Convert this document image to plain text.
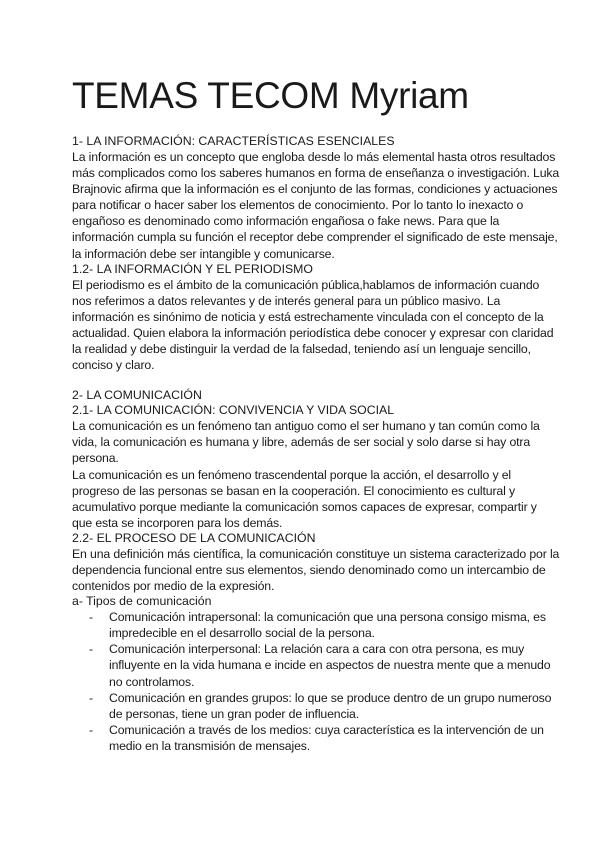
TEMAS TECOM Myriam
1- LA INFORMACIÓN: CARACTERÍSTICAS ESENCIALES

La información es un concepto que engloba desde lo más elemental hasta otros resultados más complicados como los saberes humanos en forma de enseñanza o investigación. Luka Brajnovic afirma que la información es el conjunto de las formas, condiciones y actuaciones para notificar o hacer saber los elementos de conocimiento. Por lo tanto lo inexacto o engañoso es denominado como información engañosa o fake news. Para que la información cumpla su función el receptor debe comprender el significado de este mensaje, la información debe ser intangible y comunicarse.

1.2- LA INFORMACIÓN Y EL PERIODISMO

El periodismo es el ámbito de la comunicación pública,hablamos de información cuando nos referimos a datos relevantes y de interés general para un público masivo. La información es sinónimo de noticia y está estrechamente vinculada con el concepto de la actualidad. Quien elabora la información periodística debe conocer y expresar con claridad la realidad y debe distinguir la verdad de la falsedad, teniendo así un lenguaje sencillo, conciso y claro.

2- LA COMUNICACIÓN
2.1- LA COMUNICACIÓN: CONVIVENCIA Y VIDA SOCIAL

La comunicación es un fenómeno tan antiguo como el ser humano y tan común como la vida, la comunicación es humana y libre, además de ser social y solo darse si hay otra persona.

La comunicación es un fenómeno trascendental porque la acción, el desarrollo y el progreso de las personas se basan en la cooperación. El conocimiento es cultural y acumulativo porque mediante la comunicación somos capaces de expresar, compartir y que esta se incorporen para los demás.

2.2- EL PROCESO DE LA COMUNICACIÓN

En una definición más científica, la comunicación constituye un sistema caracterizado por la dependencia funcional entre sus elementos, siendo denominado como un intercambio de contenidos por medio de la expresión.

a- Tipos de comunicación
- Comunicación intrapersonal: la comunicación que una persona consigo misma, es impredecible en el desarrollo social de la persona.
- Comunicación interpersonal: La relación cara a cara con otra persona, es muy influyente en la vida humana e incide en aspectos de nuestra mente que a menudo no controlamos.
- Comunicación en grandes grupos: lo que se produce dentro de un grupo numeroso de personas, tiene un gran poder de influencia.
- Comunicación a través de los medios: cuya característica es la intervención de un medio en la transmisión de mensajes.
